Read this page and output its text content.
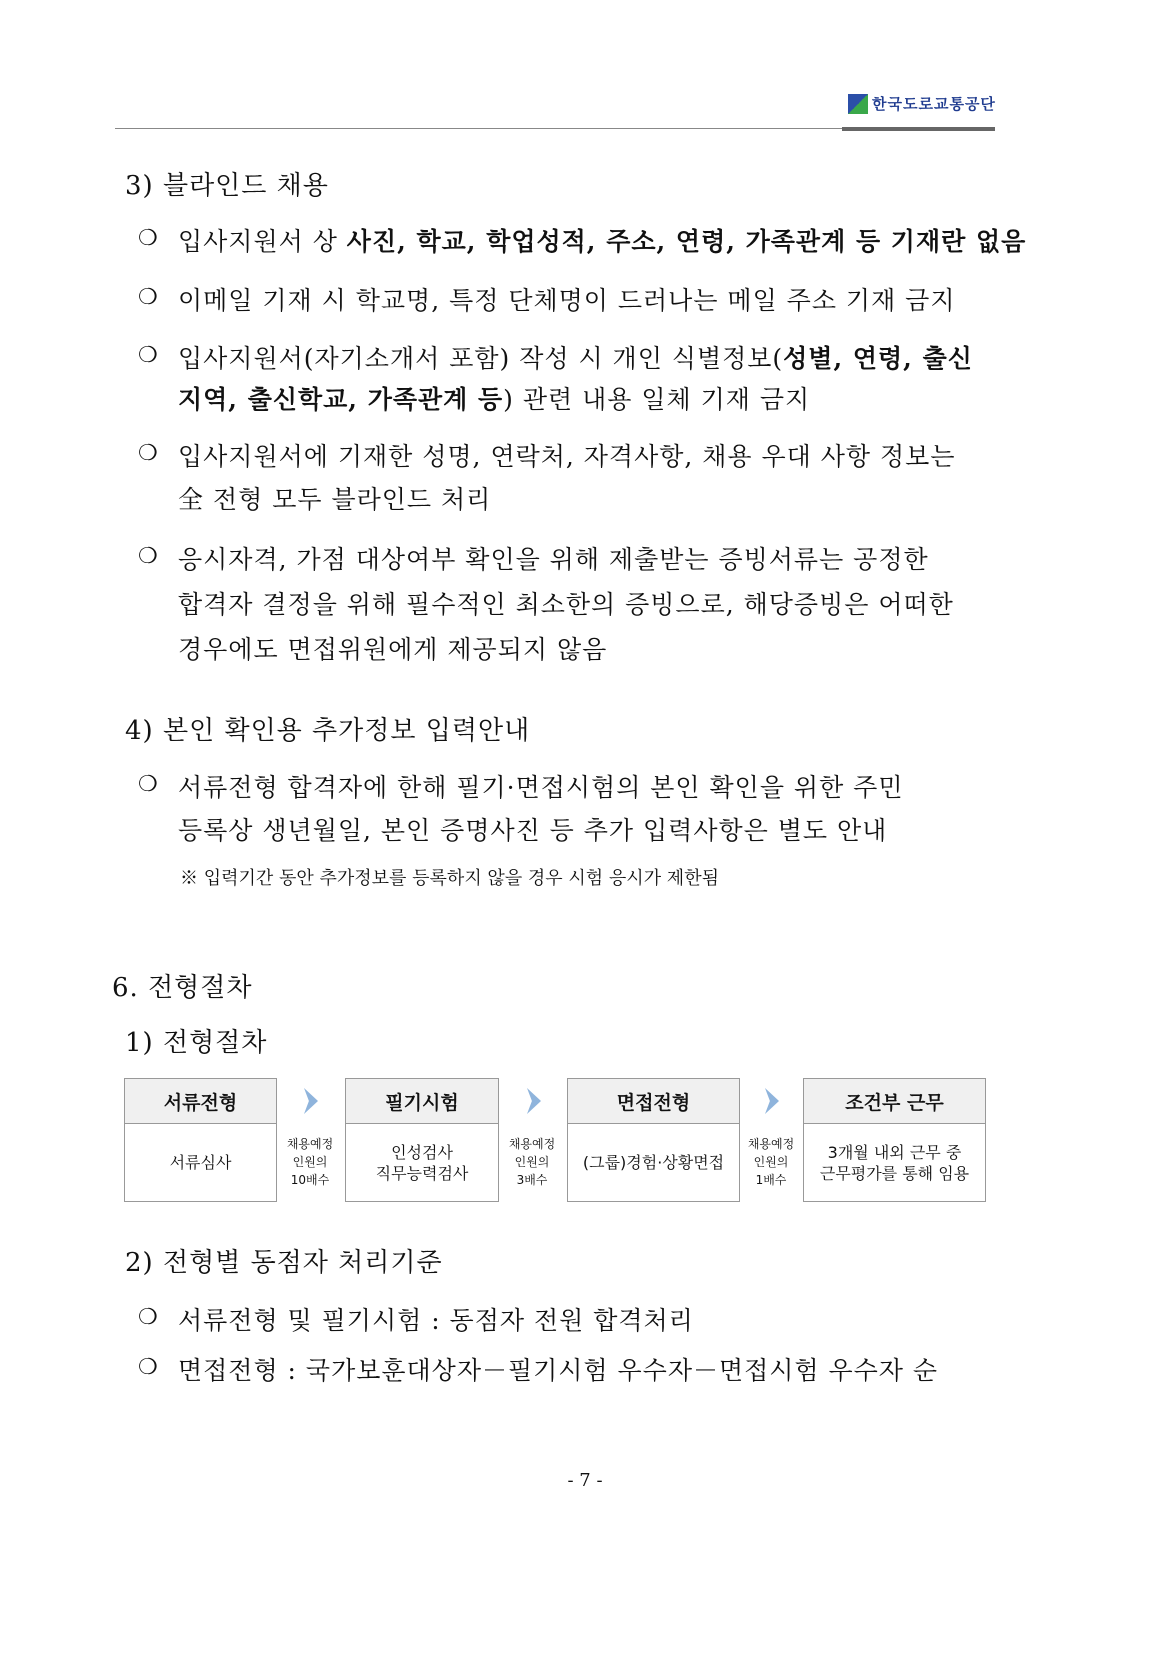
한국도로교통공단
3) 블라인드 채용
❍ 입사지원서 상 사진, 학교, 학업성적, 주소, 연령, 가족관계 등 기재란 없음
❍ 이메일 기재 시 학교명, 특정 단체명이 드러나는 메일 주소 기재 금지
❍ 입사지원서(자기소개서 포함) 작성 시 개인 식별정보(성별, 연령, 출신
지역, 출신학교, 가족관계 등) 관련 내용 일체 기재 금지
❍ 입사지원서에 기재한 성명, 연락처, 자격사항, 채용 우대 사항 정보는
全 전형 모두 블라인드 처리
❍ 응시자격, 가점 대상여부 확인을 위해 제출받는 증빙서류는 공정한
합격자 결정을 위해 필수적인 최소한의 증빙으로, 해당증빙은 어떠한
경우에도 면접위원에게 제공되지 않음
4) 본인 확인용 추가정보 입력안내
❍ 서류전형 합격자에 한해 필기·면접시험의 본인 확인을 위한 주민
등록상 생년월일, 본인 증명사진 등 추가 입력사항은 별도 안내
※ 입력기간 동안 추가정보를 등록하지 않을 경우 시험 응시가 제한됨
6. 전형절차
1) 전형절차
서류전형
서류심사
필기시험
인성검사
직무능력검사
면접전형
(그룹)경험·상황면접
조건부 근무
3개월 내외 근무 중
근무평가를 통해 임용
채용예정
인원의
10배수
채용예정
인원의
3배수
채용예정
인원의
1배수
2) 전형별 동점자 처리기준
❍ 서류전형 및 필기시험 : 동점자 전원 합격처리
❍ 면접전형 : 국가보훈대상자－필기시험 우수자－면접시험 우수자 순
- 7 -
